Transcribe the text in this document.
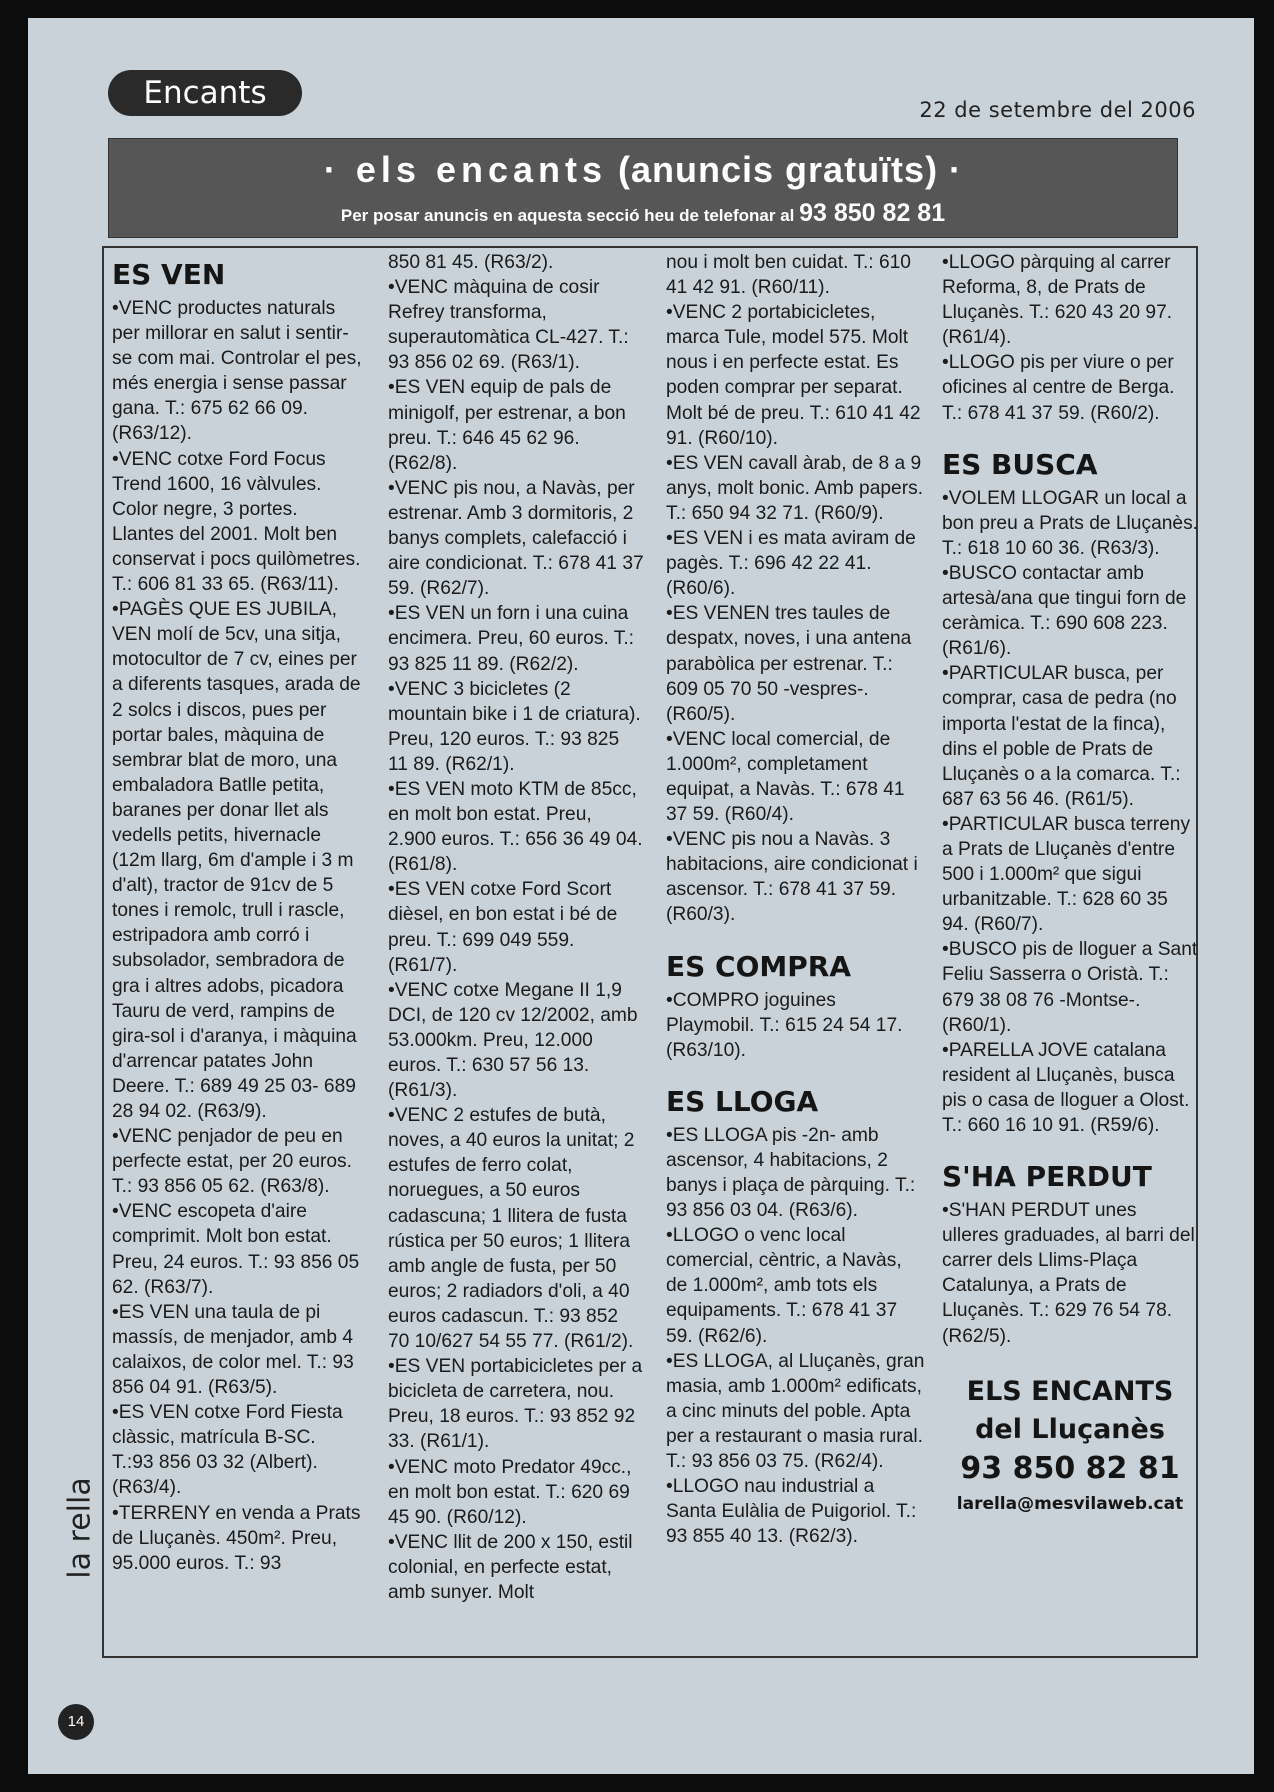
Encants	22 de setembre del 2006
· els encants (anuncis gratuïts) ·
Per posar anuncis en aquesta secció heu de telefonar al 93 850 82 81
ES VEN

•VENC productes naturals per millorar en salut i sentir-se com mai. Controlar el pes, més energia i sense passar gana. T.: 675 62 66 09. (R63/12).

•VENC cotxe Ford Focus Trend 1600, 16 vàlvules. Color negre, 3 portes. Llantes del 2001. Molt ben conservat i pocs quilòmetres. T.: 606 81 33 65. (R63/11).

•PAGÈS QUE ES JUBILA, VEN molí de 5cv, una sitja, motocultor de 7 cv, eines per a diferents tasques, arada de 2 solcs i discos, pues per portar bales, màquina de sembrar blat de moro, una embaladora Batlle petita, baranes per donar llet als vedells petits, hivernacle (12m llarg, 6m d'ample i 3 m d'alt), tractor de 91cv de 5 tones i remolc, trull i rascle, estripadora amb corró i subsolador, sembradora de gra i altres adobs, picadora Tauru de verd, rampins de gira-sol i d'aranya, i màquina d'arrencar patates John Deere. T.: 689 49 25 03- 689 28 94 02. (R63/9).

•VENC penjador de peu en perfecte estat, per 20 euros. T.: 93 856 05 62. (R63/8).

•VENC escopeta d'aire comprimit. Molt bon estat. Preu, 24 euros. T.: 93 856 05 62. (R63/7).

•ES VEN una taula de pi massís, de menjador, amb 4 calaixos, de color mel. T.: 93 856 04 91. (R63/5).

•ES VEN cotxe Ford Fiesta clàssic, matrícula B-SC. T.:93 856 03 32 (Albert). (R63/4).

•TERRENY en venda a Prats de Lluçanès. 450m². Preu, 95.000 euros. T.: 93

850 81 45. (R63/2).

•VENC màquina de cosir Refrey transforma, superautomàtica CL-427. T.: 93 856 02 69. (R63/1).

•ES VEN equip de pals de minigolf, per estrenar, a bon preu. T.: 646 45 62 96. (R62/8).

•VENC pis nou, a Navàs, per estrenar. Amb 3 dormitoris, 2 banys complets, calefacció i aire condicionat. T.: 678 41 37 59. (R62/7).

•ES VEN un forn i una cuina encimera. Preu, 60 euros. T.: 93 825 11 89. (R62/2).

•VENC 3 bicicletes (2 mountain bike i 1 de criatura). Preu, 120 euros. T.: 93 825 11 89. (R62/1).

•ES VEN moto KTM de 85cc, en molt bon estat. Preu, 2.900 euros. T.: 656 36 49 04. (R61/8).

•ES VEN cotxe Ford Scort dièsel, en bon estat i bé de preu. T.: 699 049 559. (R61/7).

•VENC cotxe Megane II 1,9 DCI, de 120 cv 12/2002, amb 53.000km. Preu, 12.000 euros. T.: 630 57 56 13. (R61/3).

•VENC 2 estufes de butà, noves, a 40 euros la unitat; 2 estufes de ferro colat, noruegues, a 50 euros cadascuna; 1 llitera de fusta rústica per 50 euros; 1 llitera amb angle de fusta, per 50 euros; 2 radiadors d'oli, a 40 euros cadascun. T.: 93 852 70 10/627 54 55 77. (R61/2).

•ES VEN portabicicletes per a bicicleta de carretera, nou. Preu, 18 euros. T.: 93 852 92 33. (R61/1).

•VENC moto Predator 49cc., en molt bon estat. T.: 620 69 45 90. (R60/12).

•VENC llit de 200 x 150, estil colonial, en perfecte estat, amb sunyer. Molt

nou i molt ben cuidat. T.: 610 41 42 91. (R60/11).

•VENC 2 portabicicletes, marca Tule, model 575. Molt nous i en perfecte estat. Es poden comprar per separat. Molt bé de preu. T.: 610 41 42 91. (R60/10).

•ES VEN cavall àrab, de 8 a 9 anys, molt bonic. Amb papers. T.: 650 94 32 71. (R60/9).

•ES VEN i es mata aviram de pagès. T.: 696 42 22 41. (R60/6).

•ES VENEN tres taules de despatx, noves, i una antena parabòlica per estrenar. T.: 609 05 70 50 -vespres-. (R60/5).

•VENC local comercial, de 1.000m², completament equipat, a Navàs. T.: 678 41 37 59. (R60/4).

•VENC pis nou a Navàs. 3 habitacions, aire condicionat i ascensor. T.: 678 41 37 59. (R60/3).

ES COMPRA

•COMPRO joguines Playmobil. T.: 615 24 54 17. (R63/10).

ES LLOGA

•ES LLOGA pis -2n- amb ascensor, 4 habitacions, 2 banys i plaça de pàrquing. T.: 93 856 03 04. (R63/6).

•LLOGO o venc local comercial, cèntric, a Navàs, de 1.000m², amb tots els equipaments. T.: 678 41 37 59. (R62/6).

•ES LLOGA, al Lluçanès, gran masia, amb 1.000m² edificats, a cinc minuts del poble. Apta per a restaurant o masia rural. T.: 93 856 03 75. (R62/4).

•LLOGO nau industrial a Santa Eulàlia de Puigoriol. T.: 93 855 40 13. (R62/3).

•LLOGO pàrquing al carrer Reforma, 8, de Prats de Lluçanès. T.: 620 43 20 97. (R61/4).

•LLOGO pis per viure o per oficines al centre de Berga. T.: 678 41 37 59. (R60/2).

ES BUSCA

•VOLEM LLOGAR un local a bon preu a Prats de Lluçanès. T.: 618 10 60 36. (R63/3).

•BUSCO contactar amb artesà/ana que tingui forn de ceràmica. T.: 690 608 223. (R61/6).

•PARTICULAR busca, per comprar, casa de pedra (no importa l'estat de la finca), dins el poble de Prats de Lluçanès o a la comarca. T.: 687 63 56 46. (R61/5).

•PARTICULAR busca terreny a Prats de Lluçanès d'entre 500 i 1.000m² que sigui urbanitzable. T.: 628 60 35 94. (R60/7).

•BUSCO pis de lloguer a Sant Feliu Sasserra o Oristà. T.: 679 38 08 76 -Montse-. (R60/1).

•PARELLA JOVE catalana resident al Lluçanès, busca pis o casa de lloguer a Olost. T.: 660 16 10 91. (R59/6).

S'HA PERDUT

•S'HAN PERDUT unes ulleres graduades, al barri del carrer dels Llims-Plaça Catalunya, a Prats de Lluçanès. T.: 629 76 54 78. (R62/5).

ELS ENCANTS
del Lluçanès
93 850 82 81
larella@mesvilaweb.cat
la rella
14
